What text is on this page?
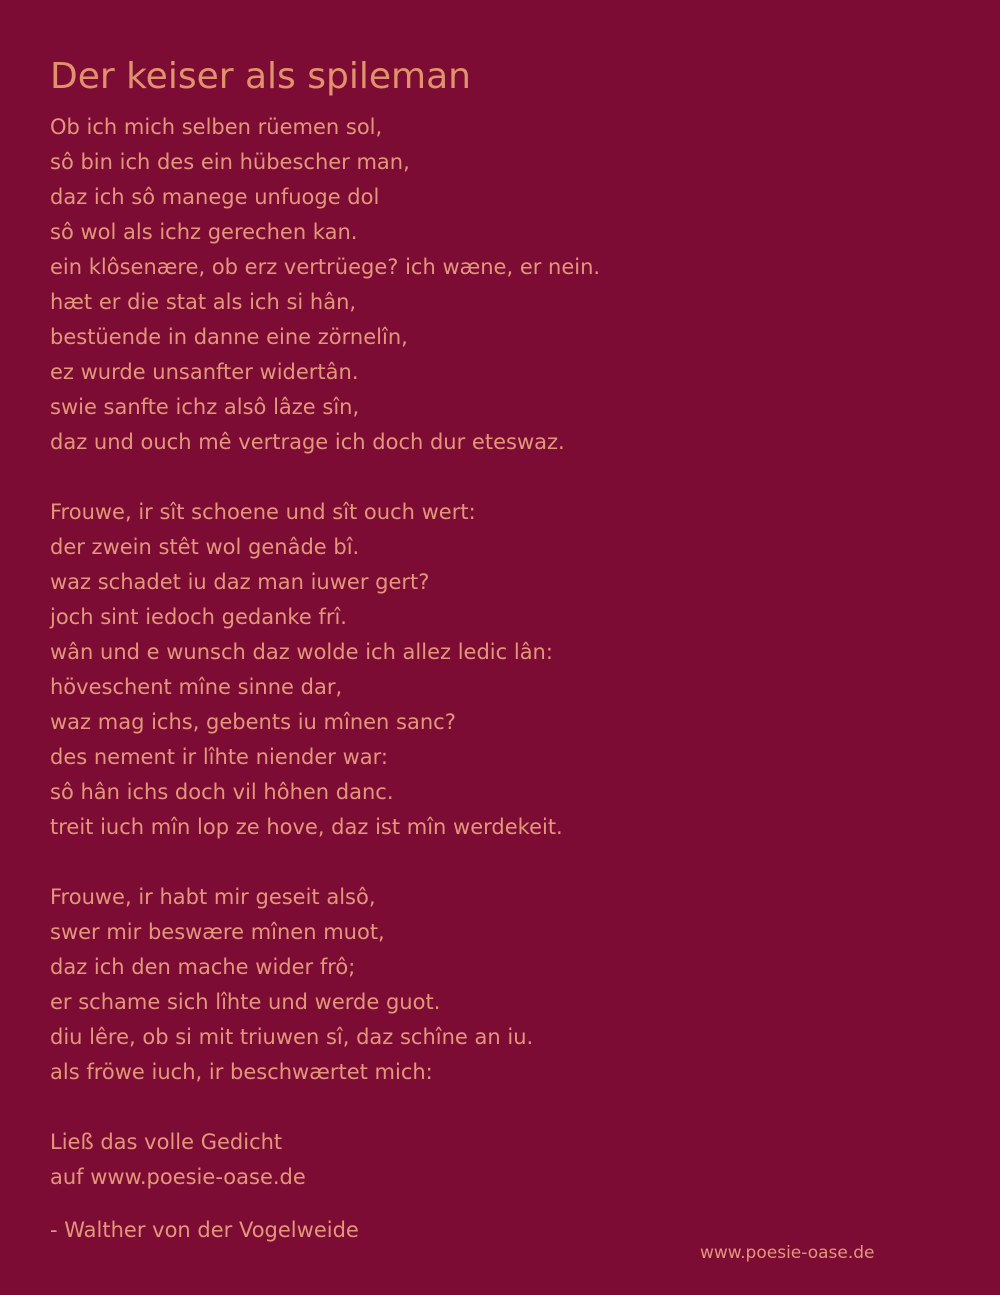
Der keiser als spileman
Ob ich mich selben rüemen sol,
sô bin ich des ein hübescher man,
daz ich sô manege unfuoge dol
sô wol als ichz gerechen kan.
ein klôsenære, ob erz vertrüege? ich wæne, er nein.
hæt er die stat als ich si hân,
bestüende in danne eine zörnelîn,
ez wurde unsanfter widertân.
swie sanfte ichz alsô lâze sîn,
daz und ouch mê vertrage ich doch dur eteswaz.
Frouwe, ir sît schoene und sît ouch wert:
der zwein stêt wol genâde bî.
waz schadet iu daz man iuwer gert?
joch sint iedoch gedanke frî.
wân und e wunsch daz wolde ich allez ledic lân:
höveschent mîne sinne dar,
waz mag ichs, gebents iu mînen sanc?
des nement ir lîhte niender war:
sô hân ichs doch vil hôhen danc.
treit iuch mîn lop ze hove, daz ist mîn werdekeit.
Frouwe, ir habt mir geseit alsô,
swer mir beswære mînen muot,
daz ich den mache wider frô;
er schame sich lîhte und werde guot.
diu lêre, ob si mit triuwen sî, daz schîne an iu.
als fröwe iuch, ir beschwærtet mich:
Ließ das volle Gedicht
auf www.poesie-oase.de
- Walther von der Vogelweide
www.poesie-oase.de
